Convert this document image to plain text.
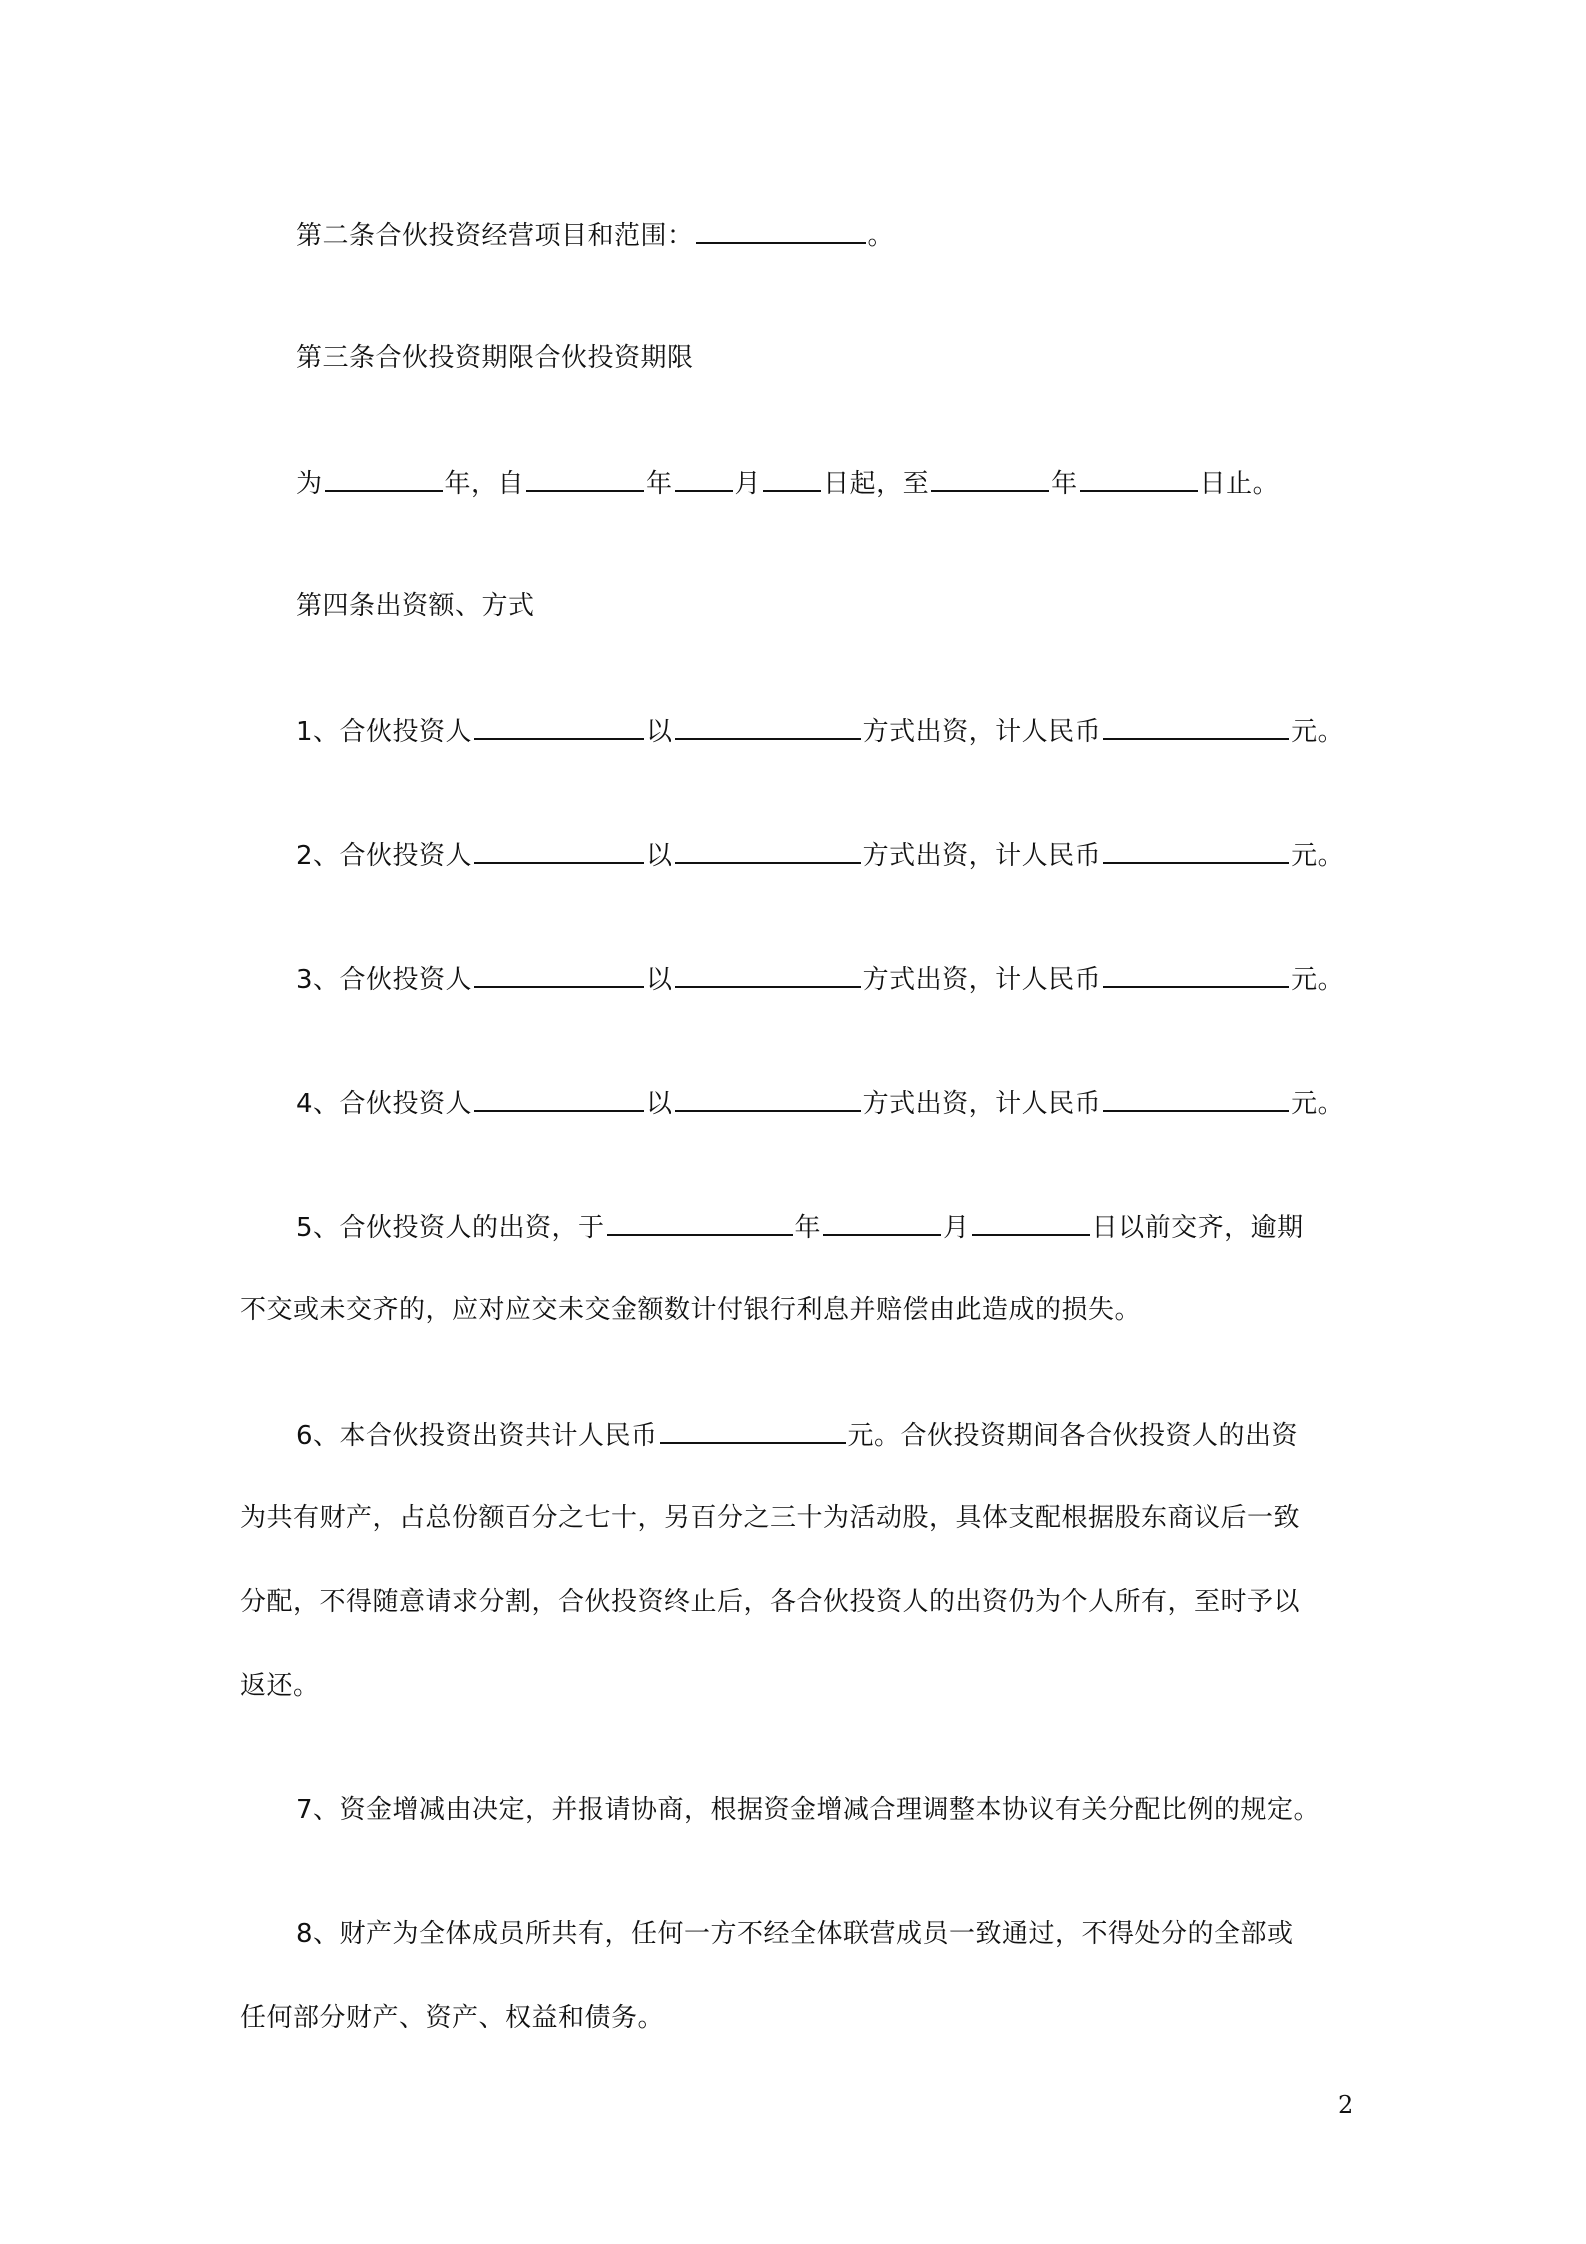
第二条合伙投资经营项目和范围：	。
第三条合伙投资期限合伙投资期限
为	年，自	年 月 日起，至	年	日止。
第四条出资额、方式
1、合伙投资人	以	方式出资，计人民币	元。
2、合伙投资人	以	方式出资，计人民币	元。
3、合伙投资人	以	方式出资，计人民币	元。
4、合伙投资人	以	方式出资，计人民币	元。
5、合伙投资人的出资，于	年	月	日以前交齐，逾期
不交或未交齐的，应对应交未交金额数计付银行利息并赔偿由此造成的损失。
6、本合伙投资出资共计人民币	元。合伙投资期间各合伙投资人的出资
为共有财产，占总份额百分之七十，另百分之三十为活动股，具体支配根据股东商议后一致
分配，不得随意请求分割，合伙投资终止后，各合伙投资人的出资仍为个人所有，至时予以
返还。
7、资金增减由决定，并报请协商，根据资金增减合理调整本协议有关分配比例的规定。
8、财产为全体成员所共有，任何一方不经全体联营成员一致通过，不得处分的全部或
任何部分财产、资产、权益和债务。
2
